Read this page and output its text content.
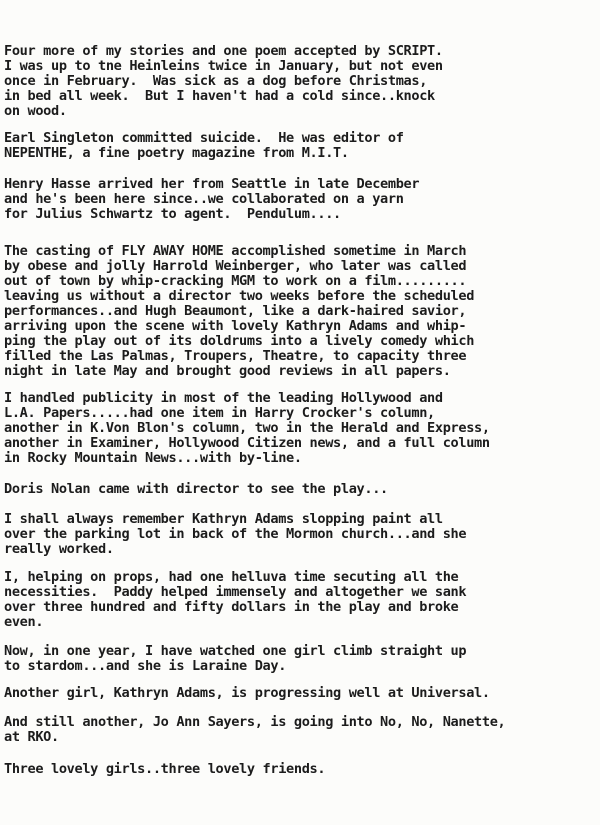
Four more of my stories and one poem accepted by SCRIPT.
I was up to tne Heinleins twice in January, but not even
once in February.  Was sick as a dog before Christmas,
in bed all week.  But I haven't had a cold since..knock
on wood.
Earl Singleton committed suicide.  He was editor of
NEPENTHE, a fine poetry magazine from M.I.T.
Henry Hasse arrived her from Seattle in late December
and he's been here since..we collaborated on a yarn
for Julius Schwartz to agent.  Pendulum....
The casting of FLY AWAY HOME accomplished sometime in March
by obese and jolly Harrold Weinberger, who later was called
out of town by whip-cracking MGM to work on a film.........
leaving us without a director two weeks before the scheduled
performances..and Hugh Beaumont, like a dark-haired savior,
arriving upon the scene with lovely Kathryn Adams and whip-
ping the play out of its doldrums into a lively comedy which
filled the Las Palmas, Troupers, Theatre, to capacity three
night in late May and brought good reviews in all papers.
I handled publicity in most of the leading Hollywood and
L.A. Papers.....had one item in Harry Crocker's column,
another in K.Von Blon's column, two in the Herald and Express,
another in Examiner, Hollywood Citizen news, and a full column
in Rocky Mountain News...with by-line.
Doris Nolan came with director to see the play...
I shall always remember Kathryn Adams slopping paint all
over the parking lot in back of the Mormon church...and she
really worked.
I, helping on props, had one helluva time secuting all the
necessities.  Paddy helped immensely and altogether we sank
over three hundred and fifty dollars in the play and broke
even.
Now, in one year, I have watched one girl climb straight up
to stardom...and she is Laraine Day.
Another girl, Kathryn Adams, is progressing well at Universal.
And still another, Jo Ann Sayers, is going into No, No, Nanette,
at RKO.
Three lovely girls..three lovely friends.
